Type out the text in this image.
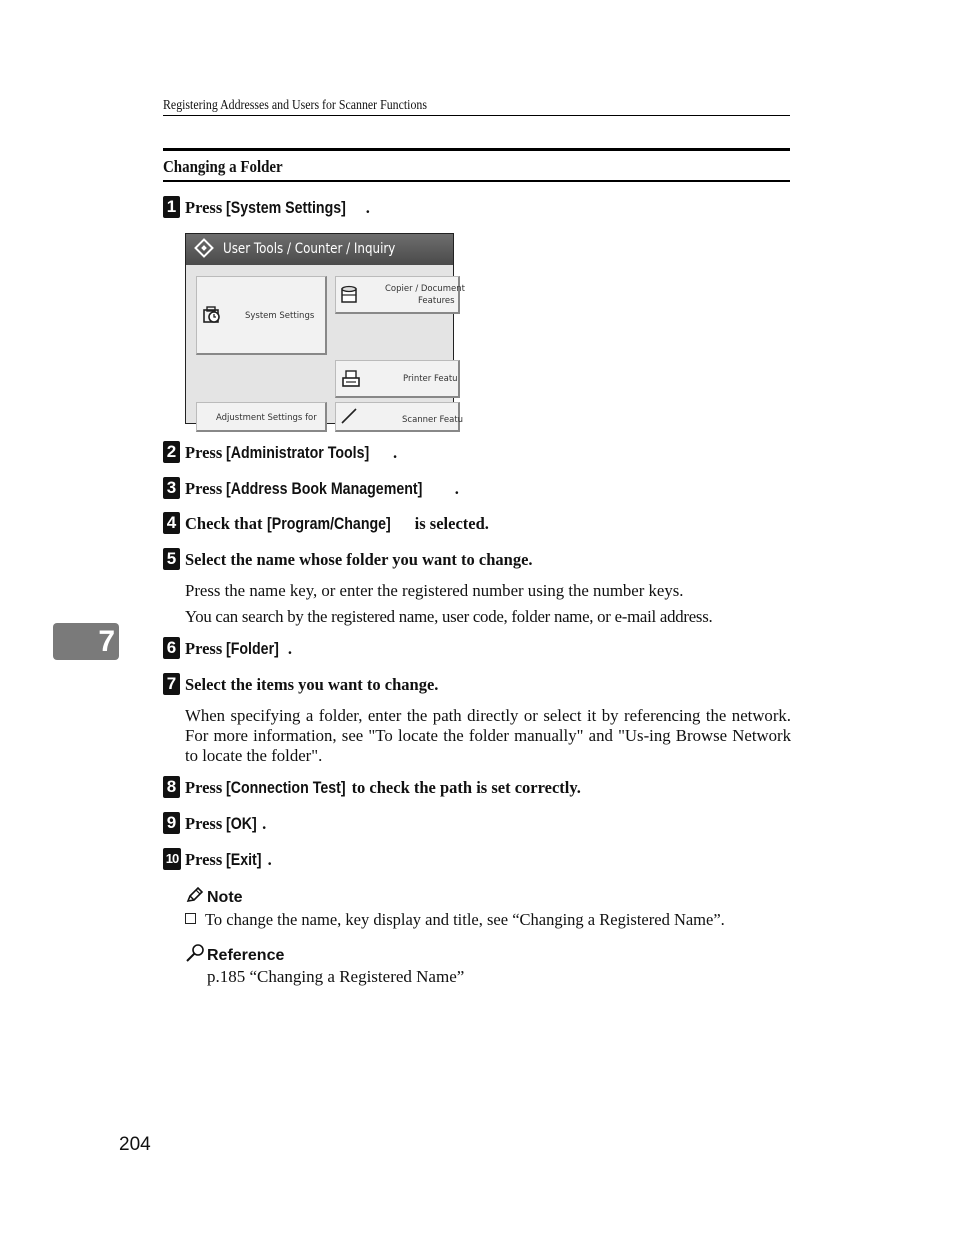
Registering Addresses and Users for Scanner Functions
Changing a Folder
1 Press [System Settings] .
User Tools / Counter / Inquiry
System Settings
Copier / Document
Features
Printer Featu
Adjustment Settings for	Scanner Featu
2 Press [Administrator Tools] .
3 Press [Address Book Management] .
4 Check that [Program/Change] is selected.
5 Select the name whose folder you want to change.
Press the name key, or enter the registered number using the number keys.
You can search by the registered name, user code, folder name, or e-mail address.
7	6 Press [Folder] .
7 Select the items you want to change.
When specifying a folder, enter the path directly or select it by referencing the network. For more information, see "To locate the folder manually" and "Us-ing Browse Network to locate the folder".
8 Press [Connection Test] to check the path is set correctly.
9 Press [OK] .
10 Press [Exit] .
Note
To change the name, key display and title, see “Changing a Registered Name”.
Reference
p.185 “Changing a Registered Name”
204
